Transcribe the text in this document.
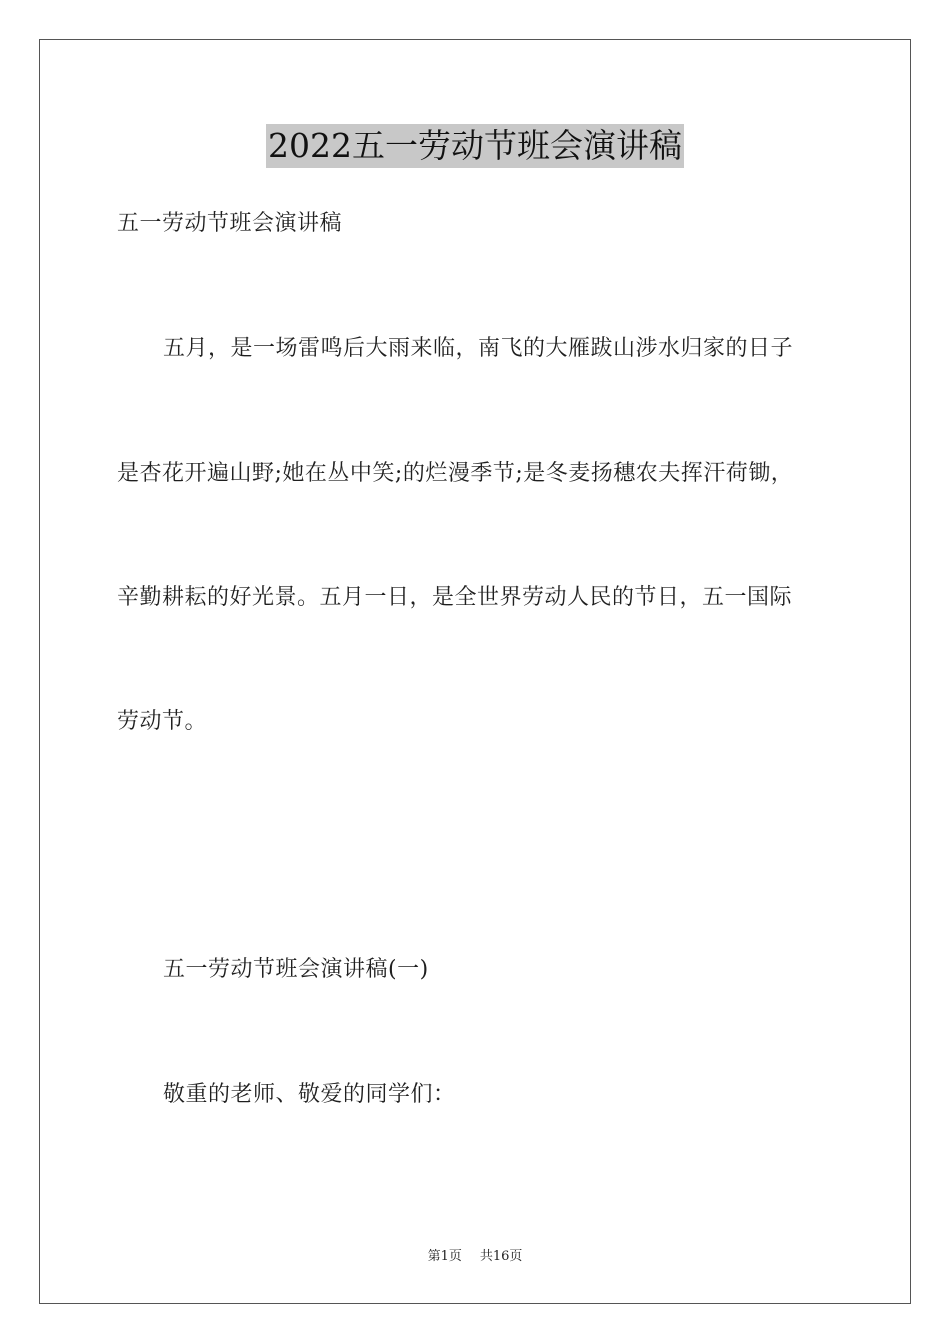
2022五一劳动节班会演讲稿
五一劳动节班会演讲稿
五月，是一场雷鸣后大雨来临，南飞的大雁跋山涉水归家的日子
是杏花开遍山野;她在丛中笑;的烂漫季节;是冬麦扬穗农夫挥汗荷锄，
辛勤耕耘的好光景。五月一日，是全世界劳动人民的节日，五一国际
劳动节。
五一劳动节班会演讲稿(一)
敬重的老师、敬爱的同学们：
第1页 共16页
